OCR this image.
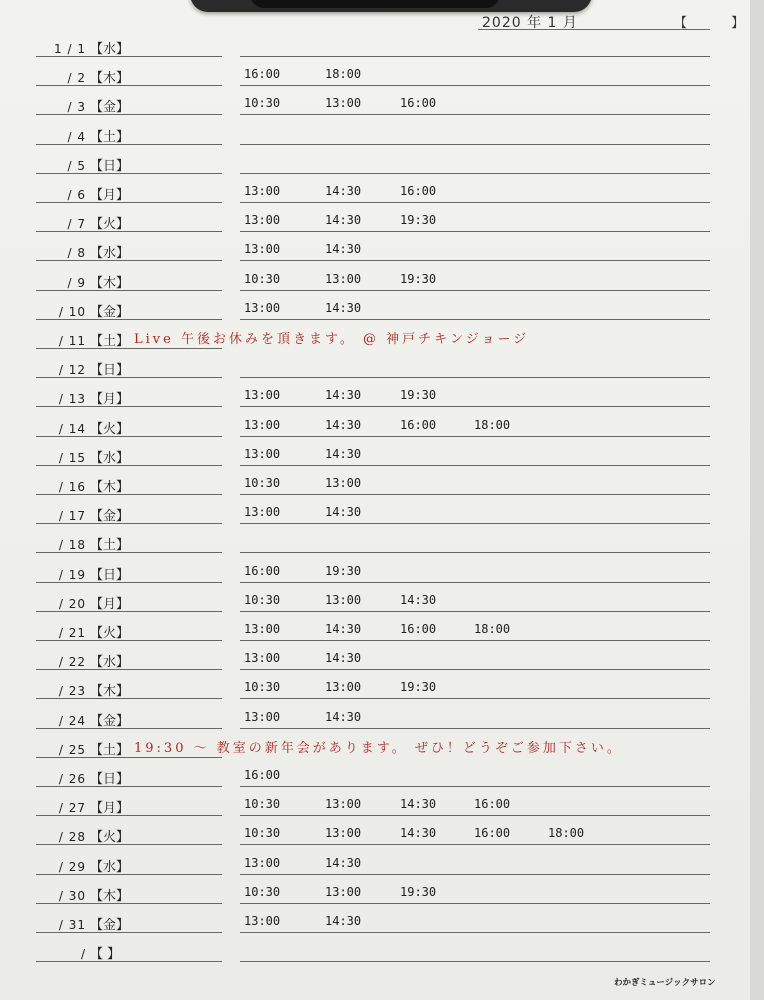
2020 年 1 月	【 】
1 / 1 【水】
/ 2 【木】	16:00	18:00
/ 3 【金】	10:30	13:00	16:00
/ 4 【土】
/ 5 【日】
/ 6 【月】	13:00	14:30	16:00
/ 7 【火】	13:00	14:30	19:30
/ 8 【水】	13:00	14:30
/ 9 【木】	10:30	13:00	19:30
/ 10 【金】	13:00	14:30
/ 11 【土】 Live 午後お休みを頂きます。 @ 神戸チキンジョージ
/ 12 【日】
/ 13 【月】	13:00	14:30	19:30
/ 14 【火】	13:00	14:30	16:00	18:00
/ 15 【水】	13:00	14:30
/ 16 【木】	10:30	13:00
/ 17 【金】	13:00	14:30
/ 18 【土】
/ 19 【日】	16:00	19:30
/ 20 【月】	10:30	13:00	14:30
/ 21 【火】	13:00	14:30	16:00	18:00
/ 22 【水】	13:00	14:30
/ 23 【木】	10:30	13:00	19:30
/ 24 【金】	13:00	14:30
/ 25 【土】 19:30 ～ 教室の新年会があります。 ぜひ！どうぞご参加下さい。
/ 26 【日】	16:00
/ 27 【月】	10:30	13:00	14:30	16:00
/ 28 【火】	10:30	13:00	14:30	16:00	18:00
/ 29 【水】	13:00	14:30
/ 30 【木】	10:30	13:00	19:30
/ 31 【金】	13:00	14:30
/ 【 】
わかぎミュージックサロン
